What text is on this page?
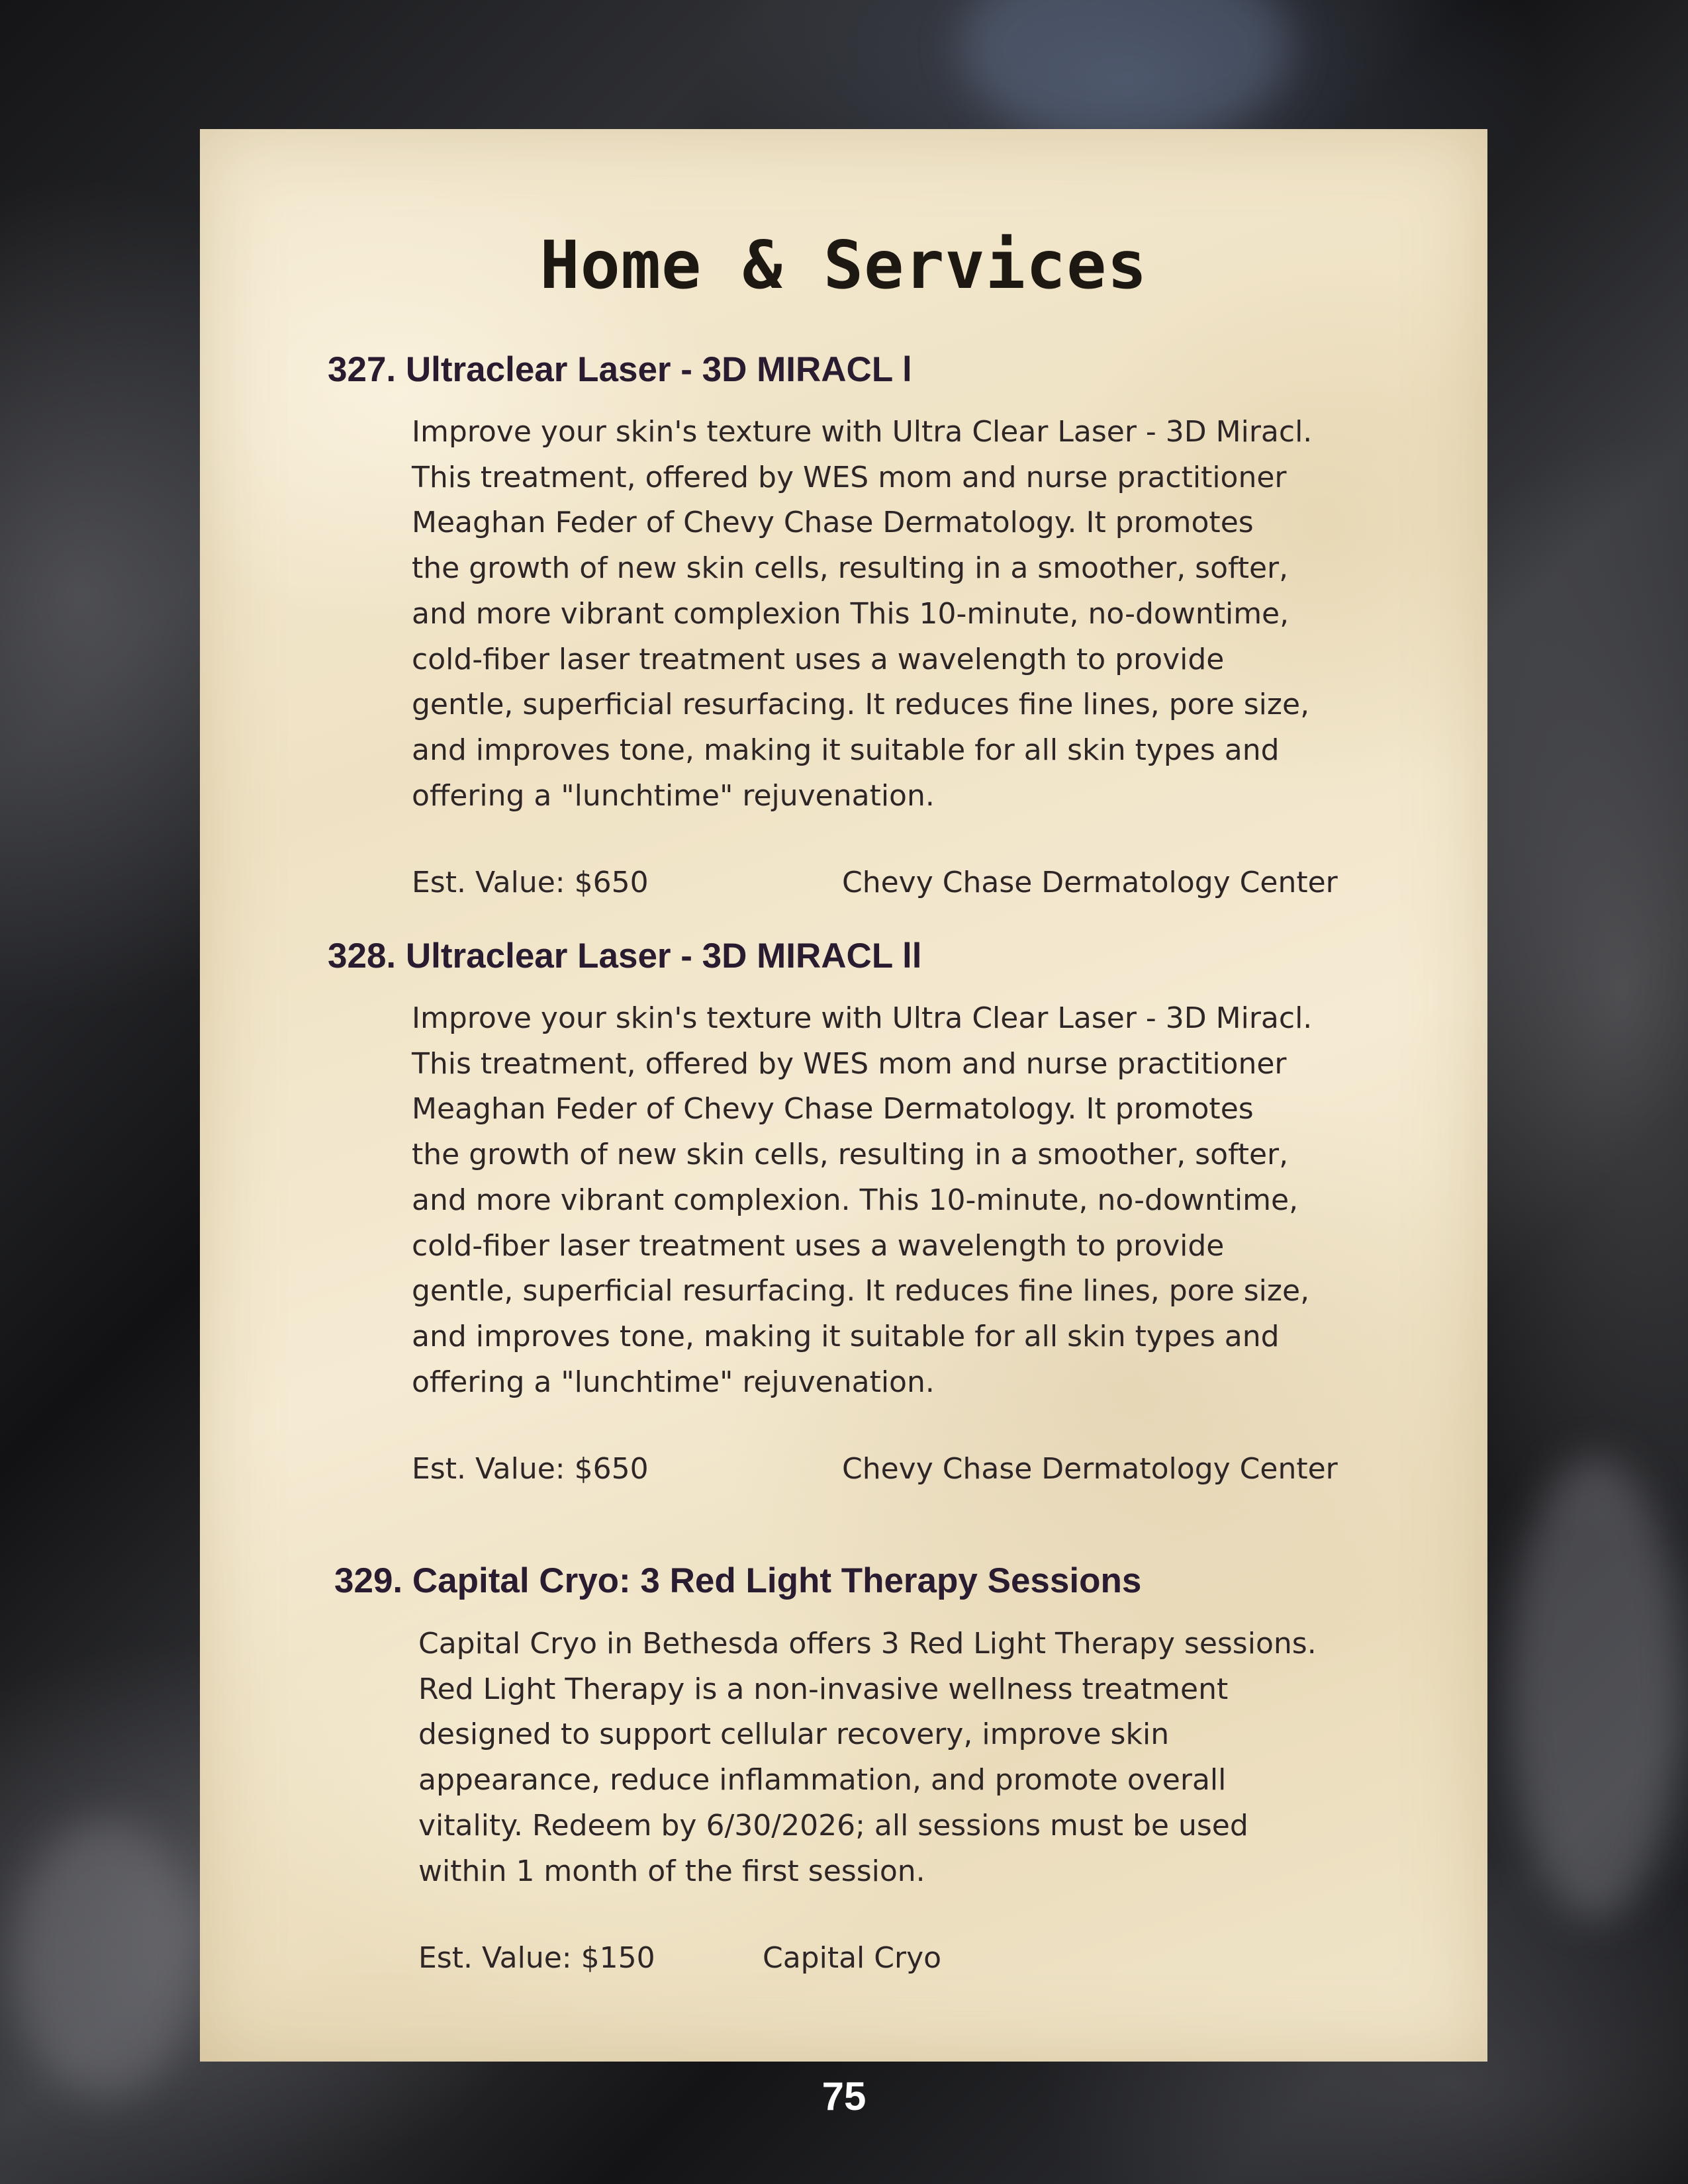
Home & Services
327. Ultraclear Laser - 3D MIRACL l

Improve your skin's texture with Ultra Clear Laser - 3D Miracl.
This treatment, offered by WES mom and nurse practitioner
Meaghan Feder of Chevy Chase Dermatology. It promotes
the growth of new skin cells, resulting in a smoother, softer,
and more vibrant complexion This 10-minute, no-downtime,
cold-fiber laser treatment uses a wavelength to provide
gentle, superficial resurfacing. It reduces fine lines, pore size,
and improves tone, making it suitable for all skin types and
offering a "lunchtime" rejuvenation.

Est. Value: $650	Chevy Chase Dermatology Center

328. Ultraclear Laser - 3D MIRACL ll

Improve your skin's texture with Ultra Clear Laser - 3D Miracl.
This treatment, offered by WES mom and nurse practitioner
Meaghan Feder of Chevy Chase Dermatology. It promotes
the growth of new skin cells, resulting in a smoother, softer,
and more vibrant complexion. This 10-minute, no-downtime,
cold-fiber laser treatment uses a wavelength to provide
gentle, superficial resurfacing. It reduces fine lines, pore size,
and improves tone, making it suitable for all skin types and
offering a "lunchtime" rejuvenation.

Est. Value: $650	Chevy Chase Dermatology Center

329. Capital Cryo: 3 Red Light Therapy Sessions

Capital Cryo in Bethesda offers 3 Red Light Therapy sessions.
Red Light Therapy is a non-invasive wellness treatment
designed to support cellular recovery, improve skin
appearance, reduce inflammation, and promote overall
vitality. Redeem by 6/30/2026; all sessions must be used
within 1 month of the first session.

Est. Value: $150	Capital Cryo

75
